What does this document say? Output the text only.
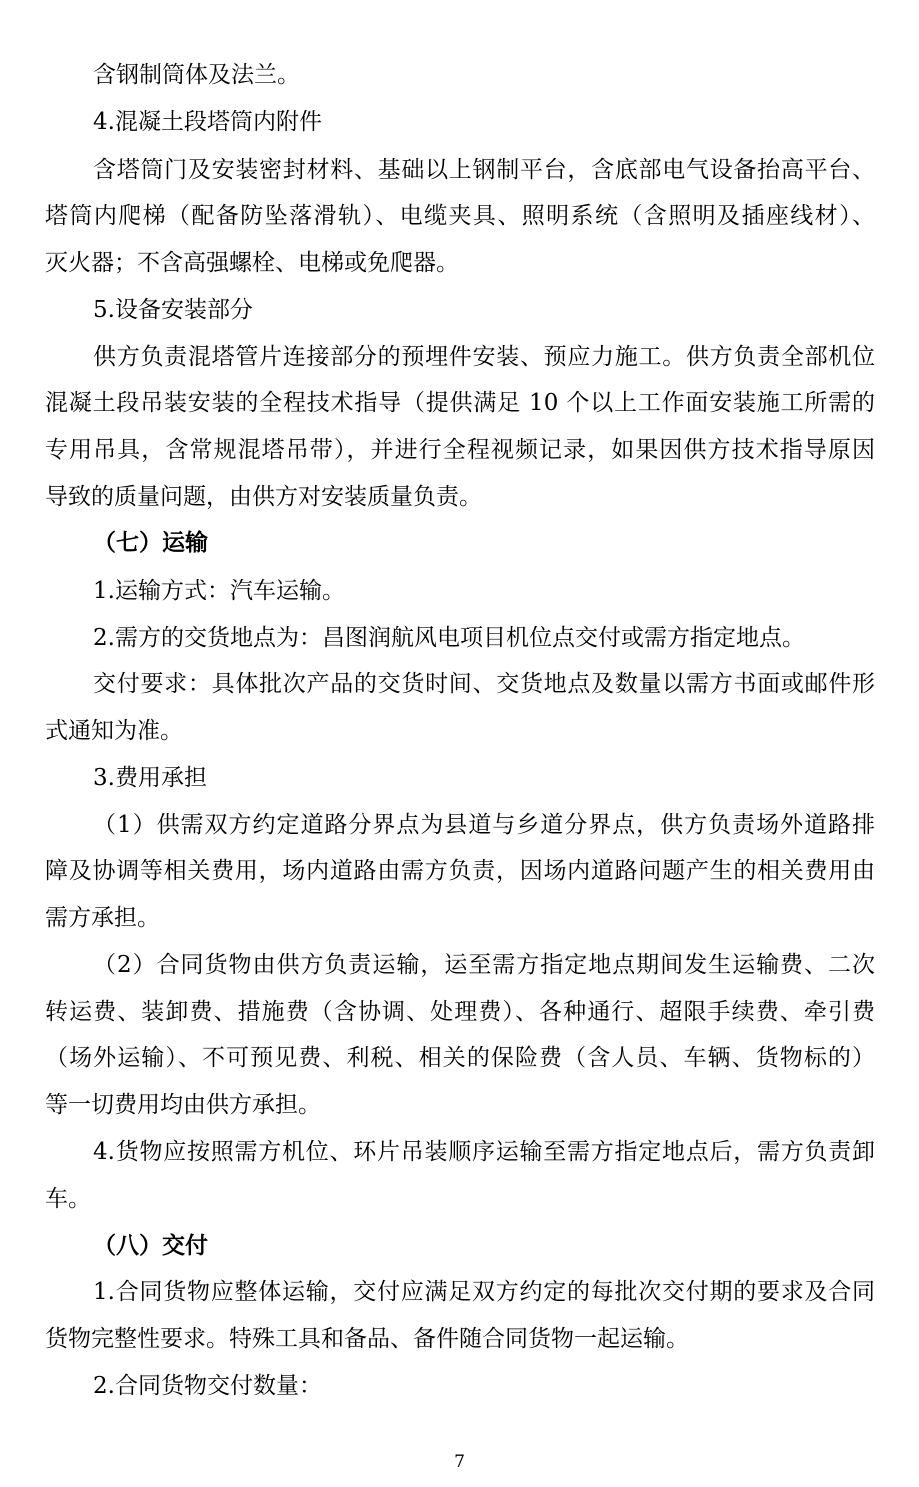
含钢制筒体及法兰。
4.混凝土段塔筒内附件
含塔筒门及安装密封材料、基础以上钢制平台，含底部电气设备抬高平台、
塔筒内爬梯（配备防坠落滑轨）、电缆夹具、照明系统（含照明及插座线材）、
灭火器；不含高强螺栓、电梯或免爬器。
5.设备安装部分
供方负责混塔管片连接部分的预埋件安装、预应力施工。供方负责全部机位
混凝土段吊装安装的全程技术指导（提供满足 10 个以上工作面安装施工所需的
专用吊具，含常规混塔吊带），并进行全程视频记录，如果因供方技术指导原因
导致的质量问题，由供方对安装质量负责。
（七）运输
1.运输方式：汽车运输。
2.需方的交货地点为：昌图润航风电项目机位点交付或需方指定地点。
交付要求：具体批次产品的交货时间、交货地点及数量以需方书面或邮件形
式通知为准。
3.费用承担
（1）供需双方约定道路分界点为县道与乡道分界点，供方负责场外道路排
障及协调等相关费用，场内道路由需方负责，因场内道路问题产生的相关费用由
需方承担。
（2）合同货物由供方负责运输，运至需方指定地点期间发生运输费、二次
转运费、装卸费、措施费（含协调、处理费）、各种通行、超限手续费、牵引费
（场外运输）、不可预见费、利税、相关的保险费（含人员、车辆、货物标的）
等一切费用均由供方承担。
4.货物应按照需方机位、环片吊装顺序运输至需方指定地点后，需方负责卸
车。
（八）交付
1.合同货物应整体运输，交付应满足双方约定的每批次交付期的要求及合同
货物完整性要求。特殊工具和备品、备件随合同货物一起运输。
2.合同货物交付数量：
7
